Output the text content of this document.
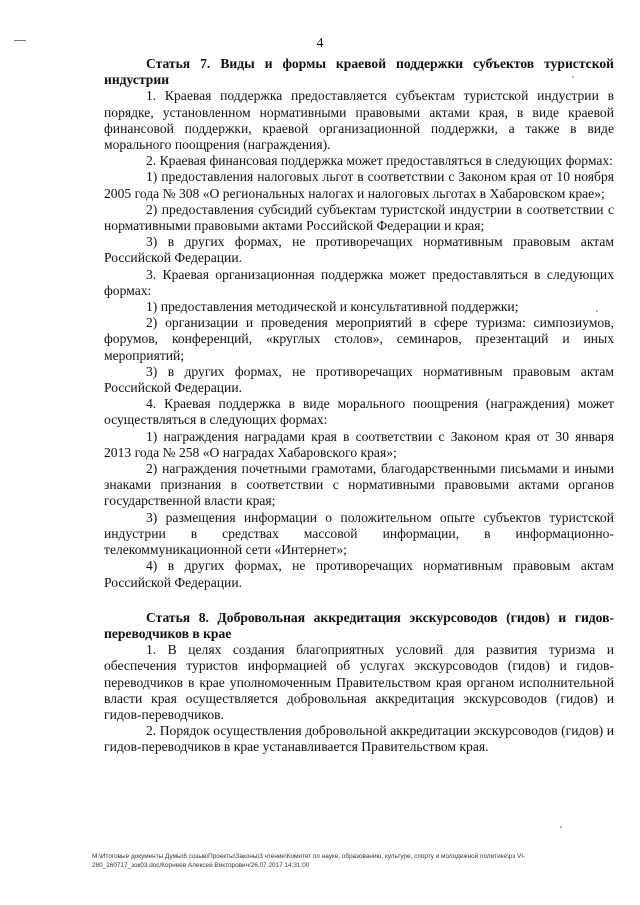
4

Статья 7. Виды и формы краевой поддержки субъектов туристской индустрии

1. Краевая поддержка предоставляется субъектам туристской индустрии в порядке, установленном нормативными правовыми актами края, в виде краевой финансовой поддержки, краевой организационной поддержки, а также в виде морального поощрения (награждения).

2. Краевая финансовая поддержка может предоставляться в следующих формах:

1) предоставления налоговых льгот в соответствии с Законом края от 10 ноября 2005 года № 308 «О региональных налогах и налоговых льготах в Хабаровском крае»;

2) предоставления субсидий субъектам туристской индустрии в соответствии с нормативными правовыми актами Российской Федерации и края;

3) в других формах, не противоречащих нормативным правовым актам Российской Федерации.

3. Краевая организационная поддержка может предоставляться в следующих формах:

1) предоставления методической и консультативной поддержки;

2) организации и проведения мероприятий в сфере туризма: симпозиумов, форумов, конференций, «круглых столов», семинаров, презентаций и иных мероприятий;

3) в других формах, не противоречащих нормативным правовым актам Российской Федерации.

4. Краевая поддержка в виде морального поощрения (награждения) может осуществляться в следующих формах:

1) награждения наградами края в соответствии с Законом края от 30 января 2013 года № 258 «О наградах Хабаровского края»;

2) награждения почетными грамотами, благодарственными письмами и иными знаками признания в соответствии с нормативными правовыми актами органов государственной власти края;

3) размещения информации о положительном опыте субъектов туристской индустрии в средствах массовой информации, в информационно-телекоммуникационной сети «Интернет»;

4) в других формах, не противоречащих нормативным правовым актам Российской Федерации.

Статья 8. Добровольная аккредитация экскурсоводов (гидов) и гидов-переводчиков в крае

1. В целях создания благоприятных условий для развития туризма и обеспечения туристов информацией об услугах экскурсоводов (гидов) и гидов-переводчиков в крае уполномоченным Правительством края органом исполнительной власти края осуществляется добровольная аккредитация экскурсоводов (гидов) и гидов-переводчиков.

2. Порядок осуществления добровольной аккредитации экскурсоводов (гидов) и гидов-переводчиков в крае устанавливается Правительством края.

M:\Итоговые документы Думы\6 созыв\Проекты\Законы\3 чтение\Комитет по науке, образованию, культуре, спорту и молодежной политике\рз VI-
280_260717_зок03.doc/Корнеев Алексей Викторович/26.07.2017 14:31:00
